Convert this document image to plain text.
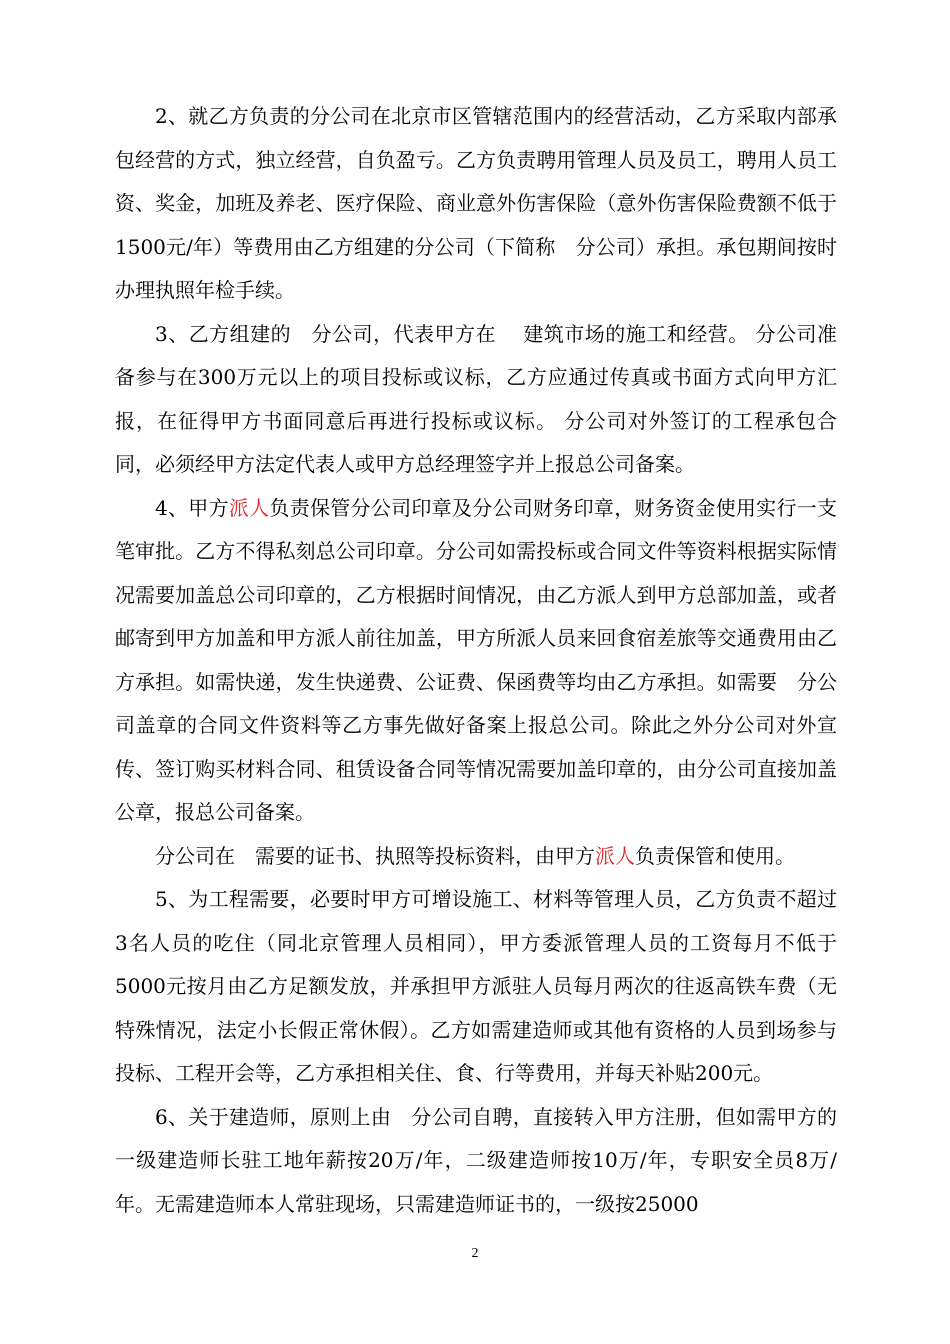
2、就乙方负责的分公司在北京市区管辖范围内的经营活动，乙方采取内部承包经营的方式，独立经营，自负盈亏。乙方负责聘用管理人员及员工，聘用人员工资、奖金，加班及养老、医疗保险、商业意外伤害保险（意外伤害保险费额不低于1500元/年）等费用由乙方组建的分公司（下简称　分公司）承担。承包期间按时办理执照年检手续。

3、乙方组建的　分公司，代表甲方在　 建筑市场的施工和经营。 分公司准备参与在300万元以上的项目投标或议标，乙方应通过传真或书面方式向甲方汇报，在征得甲方书面同意后再进行投标或议标。 分公司对外签订的工程承包合同，必须经甲方法定代表人或甲方总经理签字并上报总公司备案。

4、甲方派人负责保管分公司印章及分公司财务印章，财务资金使用实行一支笔审批。乙方不得私刻总公司印章。分公司如需投标或合同文件等资料根据实际情况需要加盖总公司印章的，乙方根据时间情况，由乙方派人到甲方总部加盖，或者邮寄到甲方加盖和甲方派人前往加盖，甲方所派人员来回食宿差旅等交通费用由乙方承担。如需快递，发生快递费、公证费、保函费等均由乙方承担。如需要　分公司盖章的合同文件资料等乙方事先做好备案上报总公司。除此之外分公司对外宣传、签订购买材料合同、租赁设备合同等情况需要加盖印章的，由分公司直接加盖公章，报总公司备案。

分公司在　需要的证书、执照等投标资料，由甲方派人负责保管和使用。

5、为工程需要，必要时甲方可增设施工、材料等管理人员，乙方负责不超过3名人员的吃住（同北京管理人员相同），甲方委派管理人员的工资每月不低于5000元按月由乙方足额发放，并承担甲方派驻人员每月两次的往返高铁车费（无特殊情况，法定小长假正常休假）。乙方如需建造师或其他有资格的人员到场参与投标、工程开会等，乙方承担相关住、食、行等费用，并每天补贴200元。

6、关于建造师，原则上由　分公司自聘，直接转入甲方注册，但如需甲方的一级建造师长驻工地年薪按20万/年，二级建造师按10万/年，专职安全员8万/年。无需建造师本人常驻现场，只需建造师证书的，一级按25000

2
